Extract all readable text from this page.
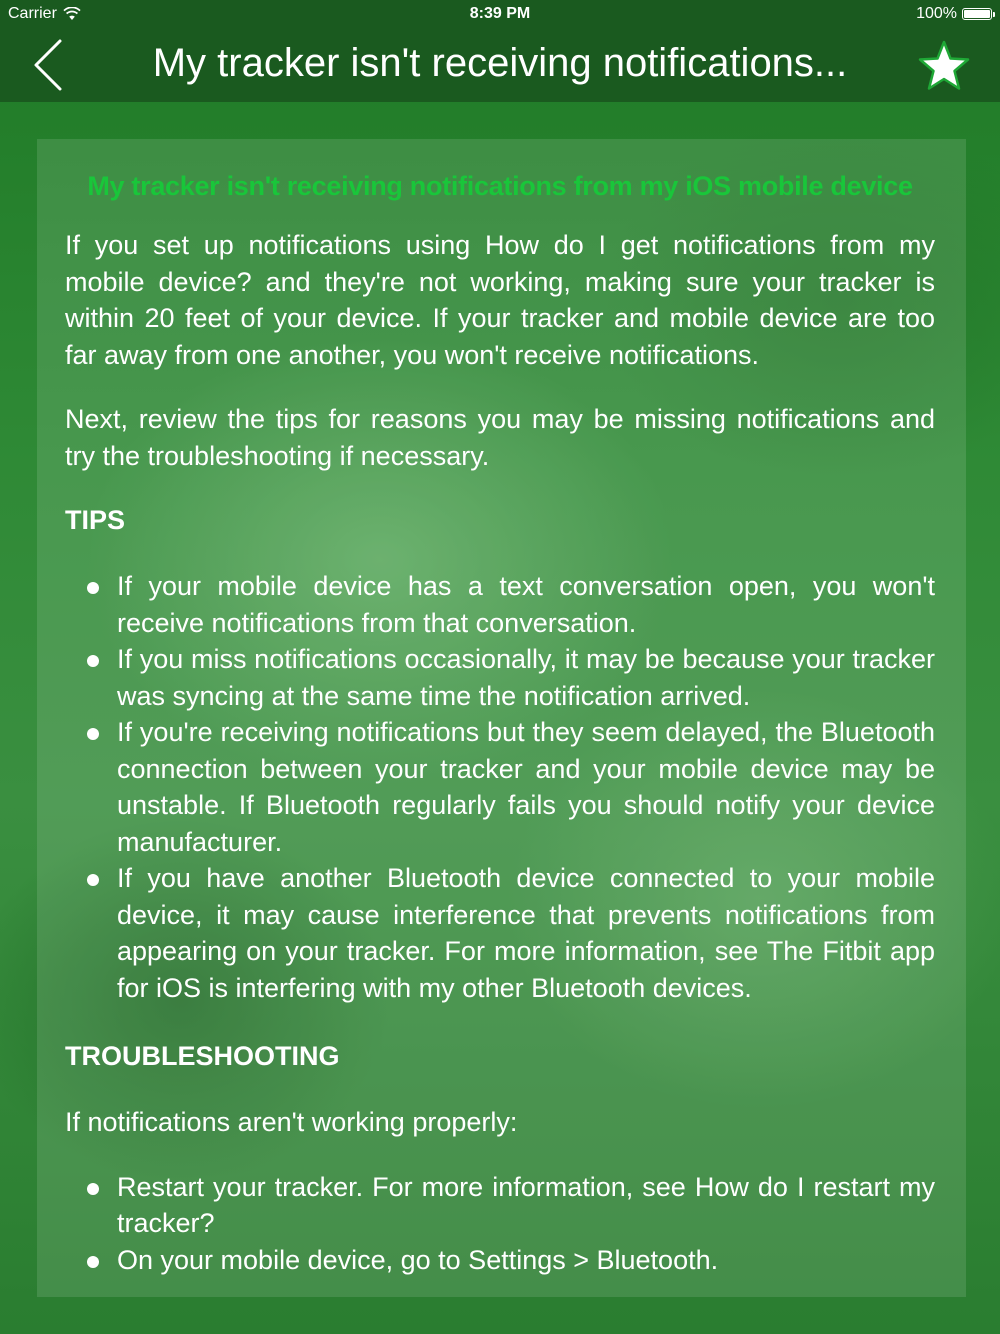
Carrier	8:39 PM	100%
My tracker isn't receiving notifications...
My tracker isn't receiving notifications from my iOS mobile device

If you set up notifications using How do I get notifications from my mobile device? and they're not working, making sure your tracker is within 20 feet of your device. If your tracker and mobile device are too far away from one another, you won't receive notifications.

Next, review the tips for reasons you may be missing notifications and try the troubleshooting if necessary.

TIPS
If your mobile device has a text conversation open, you won't receive notifications from that conversation.
If you miss notifications occasionally, it may be because your tracker was syncing at the same time the notification arrived.
If you're receiving notifications but they seem delayed, the Bluetooth connection between your tracker and your mobile device may be unstable. If Bluetooth regularly fails you should notify your device manufacturer.
If you have another Bluetooth device connected to your mobile device, it may cause interference that prevents notifications from appearing on your tracker. For more information, see The Fitbit app for iOS is interfering with my other Bluetooth devices.
TROUBLESHOOTING

If notifications aren't working properly:

Restart your tracker. For more information, see How do I restart my tracker?
On your mobile device, go to Settings > Bluetooth.
